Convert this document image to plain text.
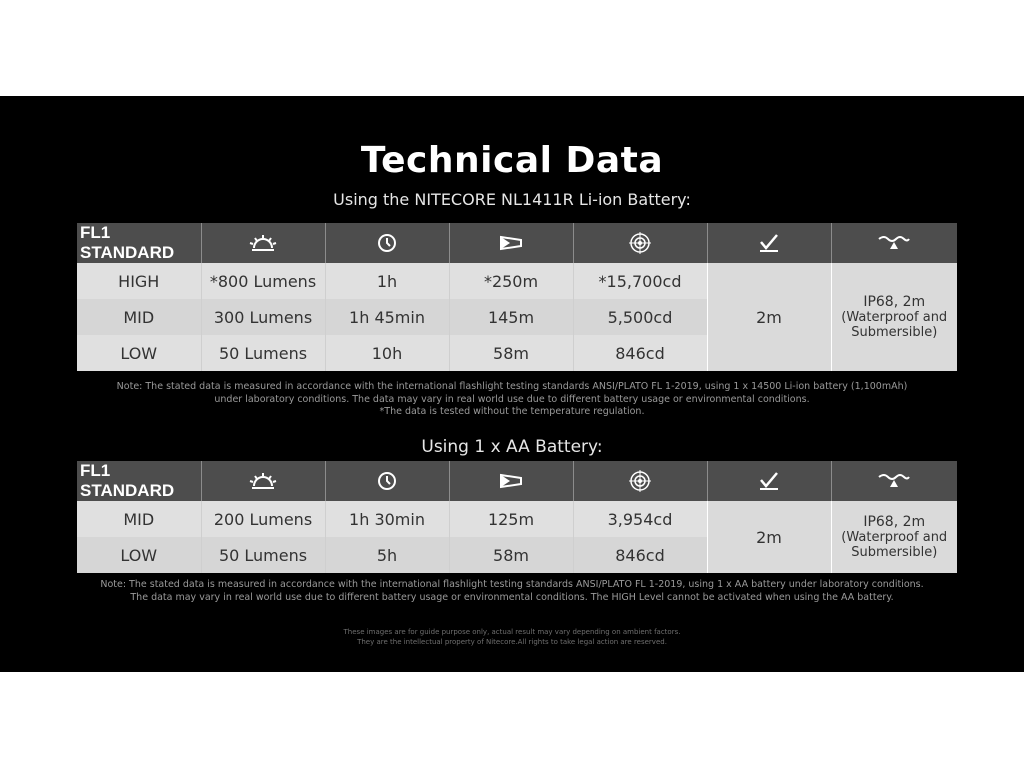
Technical Data
Using the NITECORE NL1411R Li-ion Battery:
FL1 STANDARD	

HIGH	*800 Lumens	1h	*250m	*15,700cd	2m	IP68, 2m
(Waterproof and
Submersible)

MID	300 Lumens	1h 45min	145m	5,500cd		
LOW	50 Lumens	10h	58m	846cd		
Note: The stated data is measured in accordance with the international flashlight testing standards ANSI/PLATO FL 1-2019, using 1 x 14500 Li-ion battery (1,100mAh)
under laboratory conditions. The data may vary in real world use due to different battery usage or environmental conditions.
*The data is tested without the temperature regulation.
Using 1 x AA Battery:
FL1 STANDARD	

MID	200 Lumens	1h 30min	125m	3,954cd	2m	IP68, 2m
(Waterproof and
Submersible)

LOW	50 Lumens	5h	58m	846cd		
Note: The stated data is measured in accordance with the international flashlight testing standards ANSI/PLATO FL 1-2019, using 1 x AA battery under laboratory conditions.
The data may vary in real world use due to different battery usage or environmental conditions. The HIGH Level cannot be activated when using the AA battery.
These images are for guide purpose only, actual result may vary depending on ambient factors.
They are the intellectual property of Nitecore.All rights to take legal action are reserved.
